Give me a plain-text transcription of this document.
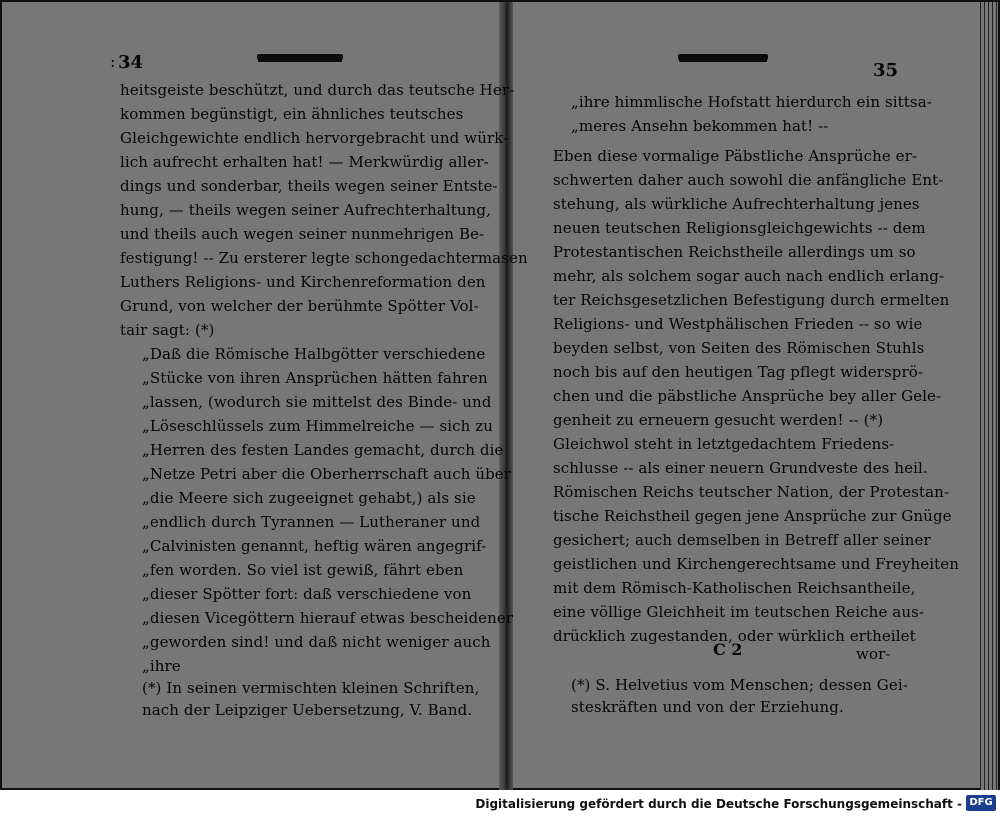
34
heitsgeiste beschützt, und durch das teutsche Her-
kommen begünstigt, ein ähnliches teutsches
Gleichgewichte endlich hervorgebracht und würk-
lich aufrecht erhalten hat! — Merkwürdig aller-
dings und sonderbar, theils wegen seiner Entste-
hung, — theils wegen seiner Aufrechterhaltung,
und theils auch wegen seiner nunmehrigen Be-
festigung! -- Zu ersterer legte schongedachtermasen
Luthers Religions- und Kirchenreformation den
Grund, von welcher der berühmte Spötter Vol-
tair sagt: (*)
„Daß die Römische Halbgötter verschiedene
„Stücke von ihren Ansprüchen hätten fahren
„lassen, (wodurch sie mittelst des Binde- und
„Löseschlüssels zum Himmelreiche — sich zu
„Herren des festen Landes gemacht, durch die
„Netze Petri aber die Oberherrschaft auch über
„die Meere sich zugeeignet gehabt,) als sie
„endlich durch Tyrannen — Lutheraner und
„Calvinisten genannt, heftig wären angegrif-
„fen worden. So viel ist gewiß, fährt eben
„dieser Spötter fort: daß verschiedene von
„diesen Vicegöttern hierauf etwas bescheidener
„geworden sind! und daß nicht weniger auch
„ihre
(*) In seinen vermischten kleinen Schriften,
nach der Leipziger Uebersetzung, V. Band.
:	35
„ihre himmlische Hofstatt hierdurch ein sittsa-
„meres Ansehn bekommen hat! --
Eben diese vormalige Päbstliche Ansprüche er-
schwerten daher auch sowohl die anfängliche Ent-
stehung, als würkliche Aufrechterhaltung jenes
neuen teutschen Religionsgleichgewichts -- dem
Protestantischen Reichstheile allerdings um so
mehr, als solchem sogar auch nach endlich erlang-
ter Reichsgesetzlichen Befestigung durch ermelten
Religions- und Westphälischen Frieden -- so wie
beyden selbst, von Seiten des Römischen Stuhls
noch bis auf den heutigen Tag pflegt widersprö-
chen und die päbstliche Ansprüche bey aller Gele-
genheit zu erneuern gesucht werden! -- (*)
Gleichwol steht in letztgedachtem Friedens-
schlusse -- als einer neuern Grundveste des heil.
Römischen Reichs teutscher Nation, der Protestan-
tische Reichstheil gegen jene Ansprüche zur Gnüge
gesichert; auch demselben in Betreff aller seiner
geistlichen und Kirchengerechtsame und Freyheiten
mit dem Römisch-Katholischen Reichsantheile,
eine völlige Gleichheit im teutschen Reiche aus-
drücklich zugestanden, oder würklich ertheilet
C 2	wor-
(*) S. Helvetius vom Menschen; dessen Gei-
steskräften und von der Erziehung.
Digitalisierung gefördert durch die Deutsche Forschungsgemeinschaft - DFG
